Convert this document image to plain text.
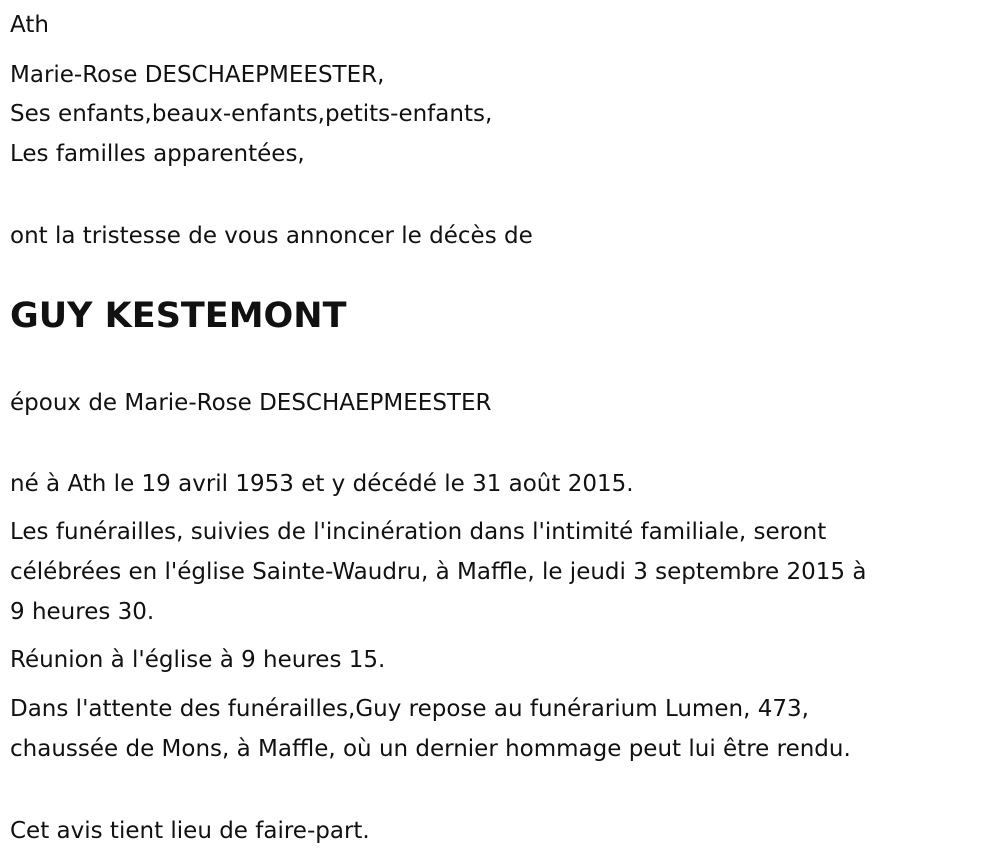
Ath
Marie-Rose DESCHAEPMEESTER,
Ses enfants,beaux-enfants,petits-enfants,
Les familles apparentées,
ont la tristesse de vous annoncer le décès de
GUY KESTEMONT
époux de Marie-Rose DESCHAEPMEESTER
né à Ath le 19 avril 1953 et y décédé le 31 août 2015.
Les funérailles, suivies de l'incinération dans l'intimité familiale, seront
célébrées en l'église Sainte-Waudru, à Maffle, le jeudi 3 septembre 2015 à
9 heures 30.
Réunion à l'église à 9 heures 15.
Dans l'attente des funérailles,Guy repose au funérarium Lumen, 473,
chaussée de Mons, à Maffle, où un dernier hommage peut lui être rendu.
Cet avis tient lieu de faire-part.
